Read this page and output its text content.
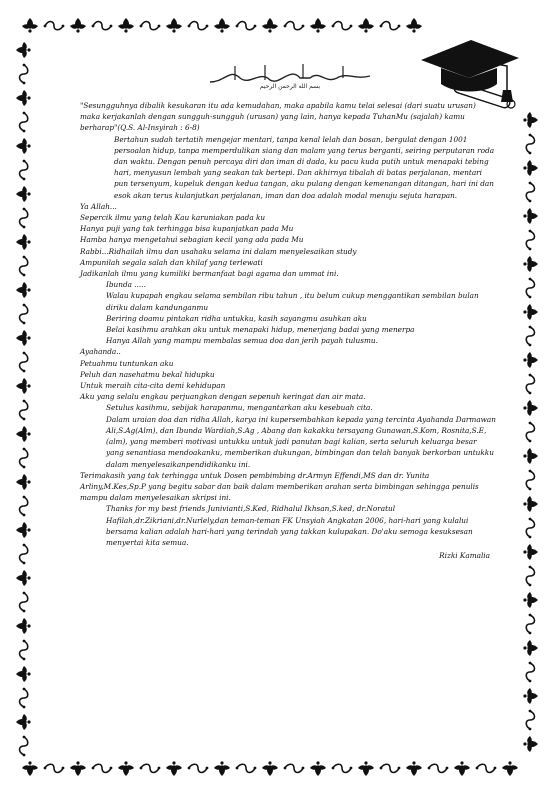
بسم الله الرحمن الرحيم

"Sesungguhnya dibalik kesukaran itu ada kemudahan, maka apabila kamu telai selesai (dari suatu urusan) maka kerjakanlah dengan sungguh-sungguh (urusan) yang lain, hanya kepada TuhanMu (sajalah) kamu berharap"(Q.S. Al-Insyirah : 6-8)

Bertahun sudah tertatih mengejar mentari, tanpa kenal lelah dan bosan, bergulat dengan 1001 persoalan hidup, tanpa memperdulikan siang dan malam yang terus berganti, seiring perputaran roda dan waktu. Dengan penuh percaya diri dan iman di dada, ku pacu kuda putih untuk menapaki tebing hari, menyusun lembah yang seakan tak bertepi. Dan akhirnya tibalah di batas perjalanan, mentari pun tersenyum, kupeluk dengan kedua tangan, aku pulang dengan kemenangan ditangan, hari ini dan esok akan terus kulanjutkan perjalanan, iman dan doa adalah modal menuju sejuta harapan.

Ya Allah...

Sepercik ilmu yang telah Kau karuniakan pada ku

Hanya puji yang tak terhingga bisa kupanjatkan pada Mu

Hamba hanya mengetahui sebagian kecil yang ada pada Mu

Rabbi...Ridhailah ilmu dan usahaku selama ini dalam menyelesaikan study

Ampunilah segala salah dan khilaf yang terlewati

Jadikanlah ilmu yang kumiliki bermanfaat bagi agama dan ummat ini.

Ibunda .....

Walau kupapah engkau selama sembilan ribu tahun , itu belum cukup menggantikan sembilan bulan diriku dalam kandunganmu

Beriring doamu pintakan ridha untukku, kasih sayangmu asuhkan aku

Belai kasihmu arahkan aku untuk menapaki hidup, menerjang badai yang menerpa

Hanya Allah yang mampu membalas semua doa dan jerih payah tulusmu.

Ayahanda..

Petuahmu tuntunkan aku

Peluh dan nasehatmu bekal hidupku

Untuk meraih cita-cita demi kehidupan

Aku yang selalu engkau perjuangkan dengan sepenuh keringat dan air mata.

Setulus kasihmu, sebijak harapanmu, mengantarkan aku kesebuah cita.

Dalam uraian doa dan ridha Allah, karya ini kupersembahkan kepada yang tercinta Ayahanda Darmawan Ali,S.Ag(Alm), dan Ibunda Wardiah,S.Ag , Abang dan kakakku tersayang Gunawan,S.Kom, Rosnita,S.E,(alm), yang memberi motivasi untukku untuk jadi panutan bagi kalian, serta seluruh keluarga besar yang senantiasa mendoakanku, memberikan dukungan, bimbingan dan telah banyak berkorban untukku dalam menyelesaikanpendidikanku ini.

Terimakasih yang tak terhingga untuk Dosen pembimbing dr.Armyn Effendi,MS dan dr. Yunita Arliny,M.Kes,Sp.P yang begitu sabar dan baik dalam memberikan arahan serta bimbingan sehingga penulis mampu dalam menyelesaikan skripsi ini.

Thanks for my best friends Junivianti,S.Ked, Ridhalul Ikhsan,S.ked, dr.Noratul Hafilah,dr.Zikriani,dr.Nurlely,dan teman-teman FK Unsyiah Angkatan 2006, hari-hari yang kulalui bersama kalian adalah hari-hari yang terindah yang takkan kulupakan. Do'aku semoga kesuksesan menyertai kita semua.

Rizki Kamalia
